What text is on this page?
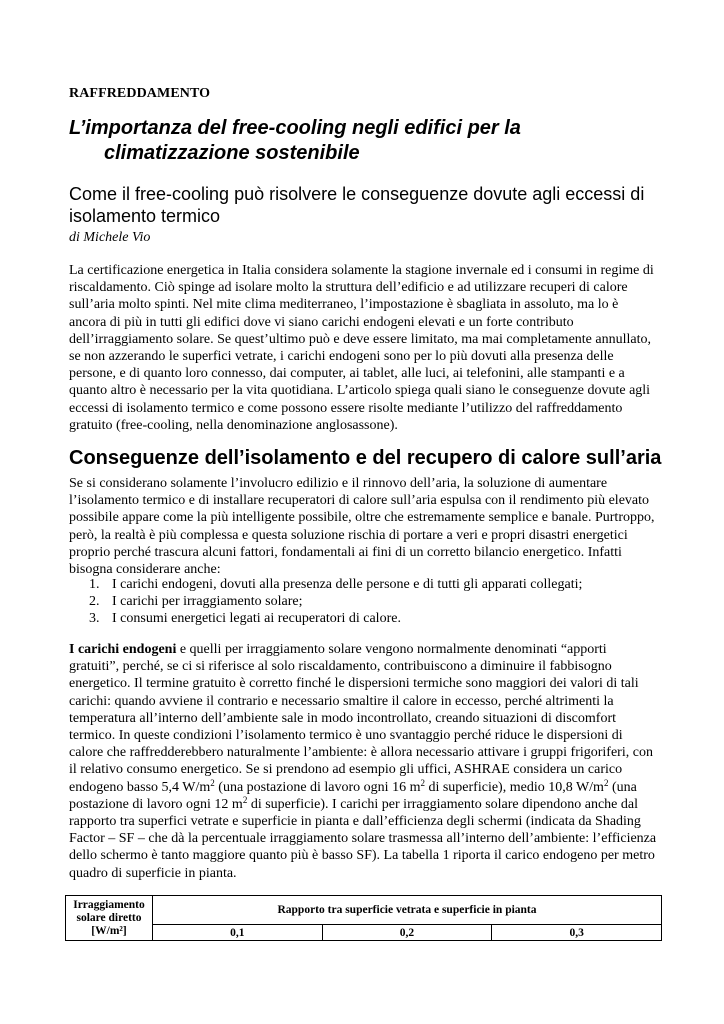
RAFFREDDAMENTO
L’importanza del free-cooling negli edifici per la
climatizzazione sostenibile
Come il free-cooling può risolvere le conseguenze dovute agli eccessi di isolamento termico
di Michele Vio

La certificazione energetica in Italia considera solamente la stagione invernale ed i consumi in regime di riscaldamento. Ciò spinge ad isolare molto la struttura dell’edificio e ad utilizzare recuperi di calore sull’aria molto spinti. Nel mite clima mediterraneo, l’impostazione è sbagliata in assoluto, ma lo è ancora di più in tutti gli edifici dove vi siano carichi endogeni elevati e un forte contributo dell’irraggiamento solare. Se quest’ultimo può e deve essere limitato, ma mai completamente annullato, se non azzerando le superfici vetrate, i carichi endogeni sono per lo più dovuti alla presenza delle persone, e di quanto loro connesso, dai computer, ai tablet, alle luci, ai telefonini, alle stampanti e a quanto altro è necessario per la vita quotidiana. L’articolo spiega quali siano le conseguenze dovute agli eccessi di isolamento termico e come possono essere risolte mediante l’utilizzo del raffreddamento gratuito (free-cooling, nella denominazione anglosassone).

Conseguenze dell’isolamento e del recupero di calore sull’aria

Se si considerano solamente l’involucro edilizio e il rinnovo dell’aria, la soluzione di aumentare l’isolamento termico e di installare recuperatori di calore sull’aria espulsa con il rendimento più elevato possibile appare come la più intelligente possibile, oltre che estremamente semplice e banale. Purtroppo, però, la realtà è più complessa e questa soluzione rischia di portare a veri e propri disastri energetici proprio perché trascura alcuni fattori, fondamentali ai fini di un corretto bilancio energetico. Infatti bisogna considerare anche:

1. I carichi endogeni, dovuti alla presenza delle persone e di tutti gli apparati collegati;
2. I carichi per irraggiamento solare;
3. I consumi energetici legati ai recuperatori di calore.

I carichi endogeni e quelli per irraggiamento solare vengono normalmente denominati “apporti gratuiti”, perché, se ci si riferisce al solo riscaldamento, contribuiscono a diminuire il fabbisogno energetico. Il termine gratuito è corretto finché le dispersioni termiche sono maggiori dei valori di tali carichi: quando avviene il contrario e necessario smaltire il calore in eccesso, perché altrimenti la temperatura all’interno dell’ambiente sale in modo incontrollato, creando situazioni di discomfort termico. In queste condizioni l’isolamento termico è uno svantaggio perché riduce le dispersioni di calore che raffredderebbero naturalmente l’ambiente: è allora necessario attivare i gruppi frigoriferi, con il relativo consumo energetico. Se si prendono ad esempio gli uffici, ASHRAE considera un carico endogeno basso 5,4 $W/m^2$ (una postazione di lavoro ogni 16 $m^2$ di superficie), medio 10,8 $W/m^2$ (una postazione di lavoro ogni 12 $m^2$ di superficie). I carichi per irraggiamento solare dipendono anche dal rapporto tra superfici vetrate e superficie in pianta e dall’efficienza degli schermi (indicata da Shading Factor – SF – che dà la percentuale irraggiamento solare trasmessa all’interno dell’ambiente: l’efficienza dello schermo è tanto maggiore quanto più è basso SF). La tabella 1 riporta il carico endogeno per metro quadro di superficie in pianta.

Irraggiamento
solare diretto
[W/m²]	Rapporto tra superficie vetrata e superficie in pianta		
	0,1	0,2	0,3
